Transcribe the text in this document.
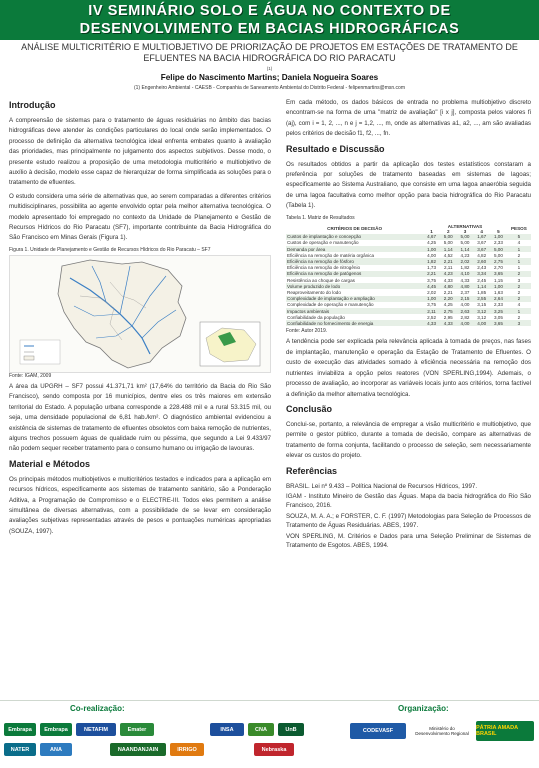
IV SEMINÁRIO SOLO E ÁGUA NO CONTEXTO DE
DESENVOLVIMENTO EM BACIAS HIDROGRÁFICAS
ANÁLISE MULTICRITÉRIO E MULTIOBJETIVO DE PRIORIZAÇÃO DE PROJETOS EM ESTAÇÕES DE TRATAMENTO DE EFLUENTES NA BACIA HIDROGRÁFICA DO RIO PARACATU
(1)
Felipe do Nascimento Martins; Daniela Nogueira Soares
(1) Engenheiro Ambiental - CAESB - Companhia de Saneamento Ambiental do Distrito Federal - felipenmartins@msn.com
Introdução

A compreensão de sistemas para o tratamento de águas residuárias no âmbito das bacias hidrográficas deve atender às condições particulares do local onde serão implementados. O processo de definição da alternativa tecnológica ideal enfrenta embates quanto à avaliação das prioridades, mas principalmente no julgamento dos aspectos subjetivos. Desse modo, o presente estudo realizou a proposição de uma metodologia multicritério e multiobjetivo de auxílio à decisão, modelo esse capaz de hierarquizar de forma simplificada as soluções para o tratamento de efluentes.

O estudo considera uma série de alternativas que, ao serem comparadas a diferentes critérios multidisciplinares, possibilita ao agente envolvido optar pela melhor alternativa tecnológica. O modelo apresentado foi empregado no contexto da Unidade de Planejamento e Gestão de Recursos Hídricos do Rio Paracatu (SF7), importante contribuinte da Bacia Hidrográfica do São Francisco em Minas Gerais (Figura 1).

Figura 1. Unidade de Planejamento e Gestão de Recursos Hídricos do Rio Paracatu – SF7
Fonte: IGAM, 2009

A área da UPGRH – SF7 possui 41.371,71 km² (17,64% do território da Bacia do Rio São Francisco), sendo composta por 16 municípios, dentre eles os três maiores em extensão territorial do Estado. A população urbana corresponde a 228.488 mil e a rural 53.315 mil, ou seja, uma densidade populacional de 6,81 hab./km². O diagnóstico ambiental evidenciou a existência de sistemas de tratamento de efluentes obsoletos com baixa remoção de nutrientes, alguns trechos possuem águas de qualidade ruim ou péssima, que segundo a Lei 9.433/97 não podem sequer receber tratamento para o consumo humano ou irrigação de lavouras.

Material e Métodos

Os principais métodos multiobjetivos e multicritérios testados e indicados para a aplicação em recursos hídricos, especificamente aos sistemas de tratamento sanitário, são a Ponderação Aditiva, a Programação de Compromisso e o ELECTRE-III. Todos eles permitem a análise simultânea de diversas alternativas, com a possibilidade de se levar em consideração avaliações subjetivas representadas através de pesos e pontuações numéricas apropriadas (SOUZA, 1997).

Em cada método, os dados básicos de entrada no problema multiobjetivo discreto encontram-se na forma de uma "matriz de avaliação" [i x j], composta pelos valores fi (aj), com i = 1, 2, ..., n e j = 1,2, ..., m, onde as alternativas a1, a2, ..., am são avaliadas pelos critérios de decisão f1, f2, ..., fn.

Resultado e Discussão

Os resultados obtidos a partir da aplicação dos testes estatísticos constaram a preferência por soluções de tratamento baseadas em sistemas de lagoas; especificamente ao Sistema Australiano, que consiste em uma lagoa anaeróbia seguida de uma lagoa facultativa como melhor opção para bacia hidrográfica do Rio Paracatu (Tabela 1).

Tabela 1. Matriz de Resultados
CRITÉRIOS DE DECISÃO	ALTERNATIVAS					PESOS
	1	2	3	4	5	
Custos de implantação e concepção	4,67	5,00	5,00	1,67	1,00	5
Custos de operação e manutenção	4,25	5,00	5,00	3,67	2,33	4
Demanda por área	1,00	1,14	1,14	3,67	5,00	1
Eficiência na remoção de matéria orgânica	4,00	4,52	4,23	4,82	5,00	2
Eficiência na remoção de fósforo	1,82	2,21	2,02	2,60	2,75	1
Eficiência na remoção de nitrogênio	1,73	2,11	1,82	2,43	2,70	1
Eficiência na remoção de patógenos	2,21	4,23	4,10	3,34	3,65	2
Resistência ao choque de cargas	3,75	4,33	4,33	2,45	1,15	3
Volume produzido de lodo	4,45	4,80	4,80	1,14	1,00	2
Reaproveitamento do lodo	2,02	2,21	2,37	1,85	1,63	2
Complexidade de implantação e ampliação	1,00	2,20	2,15	2,55	2,64	2
Complexidade de operação e manutenção	3,75	4,25	4,00	3,15	2,33	4
Impactos ambientais	2,11	2,75	2,63	3,12	3,25	1
Confiabilidade da população	2,52	2,95	2,82	3,12	3,05	2
Confiabilidade no fornecimento de energia	4,33	4,33	4,00	4,00	3,65	3
Fonte: Autor 2019.

A tendência pode ser explicada pela relevância aplicada à tomada de preços, nas fases de implantação, manutenção e operação da Estação de Tratamento de Efluentes. O custo de execução das atividades somado à eficiência necessária na remoção dos nutrientes inviabiliza a opção pelos reatores (VON SPERLING,1994). Ademais, o processo de avaliação, ao incorporar as variáveis locais junto aos critérios, torna factível a definição da melhor alternativa tecnológica.

Conclusão

Conclui-se, portanto, a relevância de empregar a visão multicritério e multiobjetivo, que permite o gestor público, durante a tomada de decisão, compare as alternativas de tratamento de forma conjunta, facilitando o processo de seleção, sem necessariamente elevar os custos do projeto.

Referências
BRASIL. Lei nº 9.433 – Política Nacional de Recursos Hídricos, 1997.
IGAM - Instituto Mineiro de Gestão das Águas. Mapa da bacia hidrográfica do Rio São Francisco, 2016.
SOUZA, M. A. A.; e FORSTER, C. F. (1997) Metodologias para Seleção de Processos de Tratamento de Águas Residuárias. ABES, 1997.
VON SPERLING, M. Critérios e Dados para uma Seleção Preliminar de Sistemas de Tratamento de Esgotos. ABES, 1994.
Co-realização:	Organização:
Embrapa	Embrapa	NETAFIM	Emater	INSA	CNA	UnB
NATER	ANA	NAANDANJAIN	IRRIGO	Nebraska
CODEVASF	Ministério do Desenvolvimento Regional
PÁTRIA AMADA BRASIL
